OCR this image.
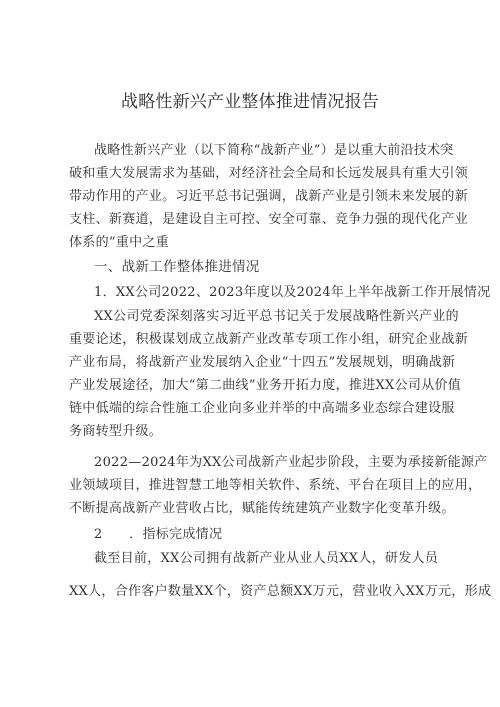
战略性新兴产业整体推进情况报告
战略性新兴产业（以下简称“战新产业”）是以重大前沿技术突
破和重大发展需求为基础，对经济社会全局和长远发展具有重大引领
带动作用的产业。习近平总书记强调，战新产业是引领未来发展的新
支柱、新赛道，是建设自主可控、安全可靠、竞争力强的现代化产业
体系的“重中之重
一、战新工作整体推进情况
1．XX公司2022、2023年度以及2024年上半年战新工作开展情况
XX公司党委深刻落实习近平总书记关于发展战略性新兴产业的
重要论述，积极谋划成立战新产业改革专项工作小组，研究企业战新
产业布局，将战新产业发展纳入企业“十四五”发展规划，明确战新
产业发展途径，加大“第二曲线”业务开拓力度，推进XX公司从价值
链中低端的综合性施工企业向多业并举的中高端多业态综合建设服
务商转型升级。
2022—2024年为XX公司战新产业起步阶段，主要为承接新能源产
业领域项目，推进智慧工地等相关软件、系统、平台在项目上的应用，
不断提高战新产业营收占比，赋能传统建筑产业数字化变革升级。
2　　．指标完成情况
截至目前，XX公司拥有战新产业从业人员XX人，研发人员
XX人，合作客户数量XX个，资产总额XX万元，营业收入XX万元，形成
